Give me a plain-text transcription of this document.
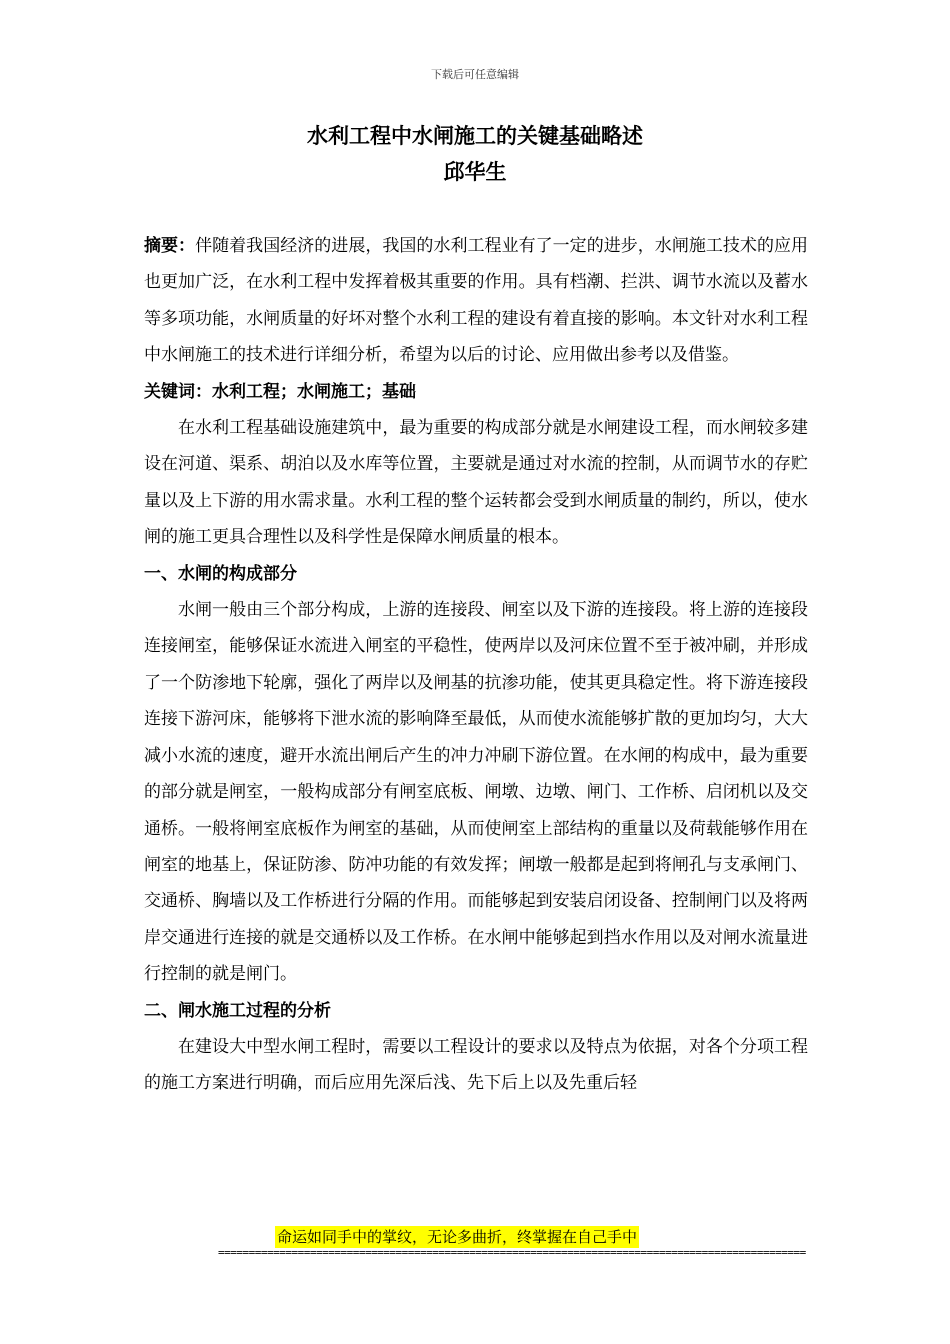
下载后可任意编辑
水利工程中水闸施工的关键基础略述
邱华生

摘要：伴随着我国经济的进展，我国的水利工程业有了一定的进步，水闸施工技术的应用也更加广泛，在水利工程中发挥着极其重要的作用。具有档潮、拦洪、调节水流以及蓄水等多项功能，水闸质量的好坏对整个水利工程的建设有着直接的影响。本文针对水利工程中水闸施工的技术进行详细分析，希望为以后的讨论、应用做出参考以及借鉴。

关键词：水利工程；水闸施工；基础

在水利工程基础设施建筑中，最为重要的构成部分就是水闸建设工程，而水闸较多建设在河道、渠系、胡泊以及水库等位置，主要就是通过对水流的控制，从而调节水的存贮量以及上下游的用水需求量。水利工程的整个运转都会受到水闸质量的制约，所以，使水闸的施工更具合理性以及科学性是保障水闸质量的根本。

一、水闸的构成部分

水闸一般由三个部分构成，上游的连接段、闸室以及下游的连接段。将上游的连接段连接闸室，能够保证水流进入闸室的平稳性，使两岸以及河床位置不至于被冲刷，并形成了一个防渗地下轮廓，强化了两岸以及闸基的抗渗功能，使其更具稳定性。将下游连接段连接下游河床，能够将下泄水流的影响降至最低，从而使水流能够扩散的更加均匀，大大减小水流的速度，避开水流出闸后产生的冲力冲刷下游位置。在水闸的构成中，最为重要的部分就是闸室，一般构成部分有闸室底板、闸墩、边墩、闸门、工作桥、启闭机以及交通桥。一般将闸室底板作为闸室的基础，从而使闸室上部结构的重量以及荷载能够作用在闸室的地基上，保证防渗、防冲功能的有效发挥；闸墩一般都是起到将闸孔与支承闸门、交通桥、胸墙以及工作桥进行分隔的作用。而能够起到安装启闭设备、控制闸门以及将两岸交通进行连接的就是交通桥以及工作桥。在水闸中能够起到挡水作用以及对闸水流量进行控制的就是闸门。

二、闸水施工过程的分析

在建设大中型水闸工程时，需要以工程设计的要求以及特点为依据，对各个分项工程的施工方案进行明确，而后应用先深后浅、先下后上以及先重后轻

命运如同手中的掌纹，无论多曲折，终掌握在自己手中
================================================================================================
